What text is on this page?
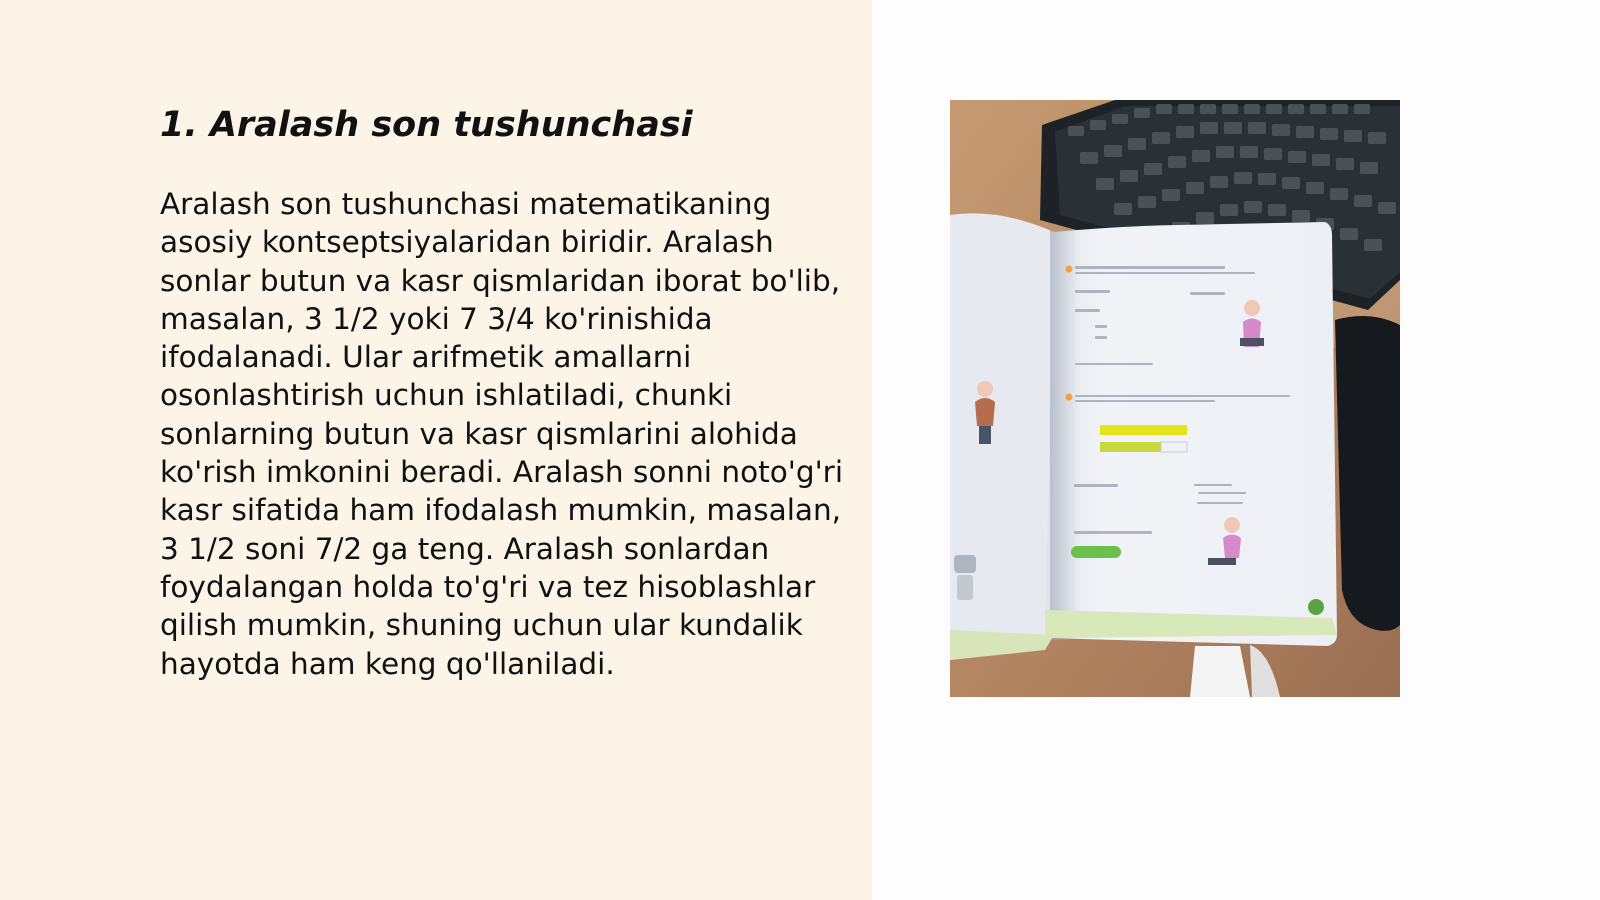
1. Aralash son tushunchasi

Aralash son tushunchasi matematikaning asosiy kontseptsiyalaridan biridir. Aralash sonlar butun va kasr qismlaridan iborat bo'lib, masalan, 3 1/2 yoki 7 3/4 ko'rinishida ifodalanadi. Ular arifmetik amallarni osonlashtirish uchun ishlatiladi, chunki sonlarning butun va kasr qismlarini alohida ko'rish imkonini beradi. Aralash sonni noto'g'ri kasr sifatida ham ifodalash mumkin, masalan, 3 1/2 soni 7/2 ga teng. Aralash sonlardan foydalangan holda to'g'ri va tez hisoblashlar qilish mumkin, shuning uchun ular kundalik hayotda ham keng qo'llaniladi.
